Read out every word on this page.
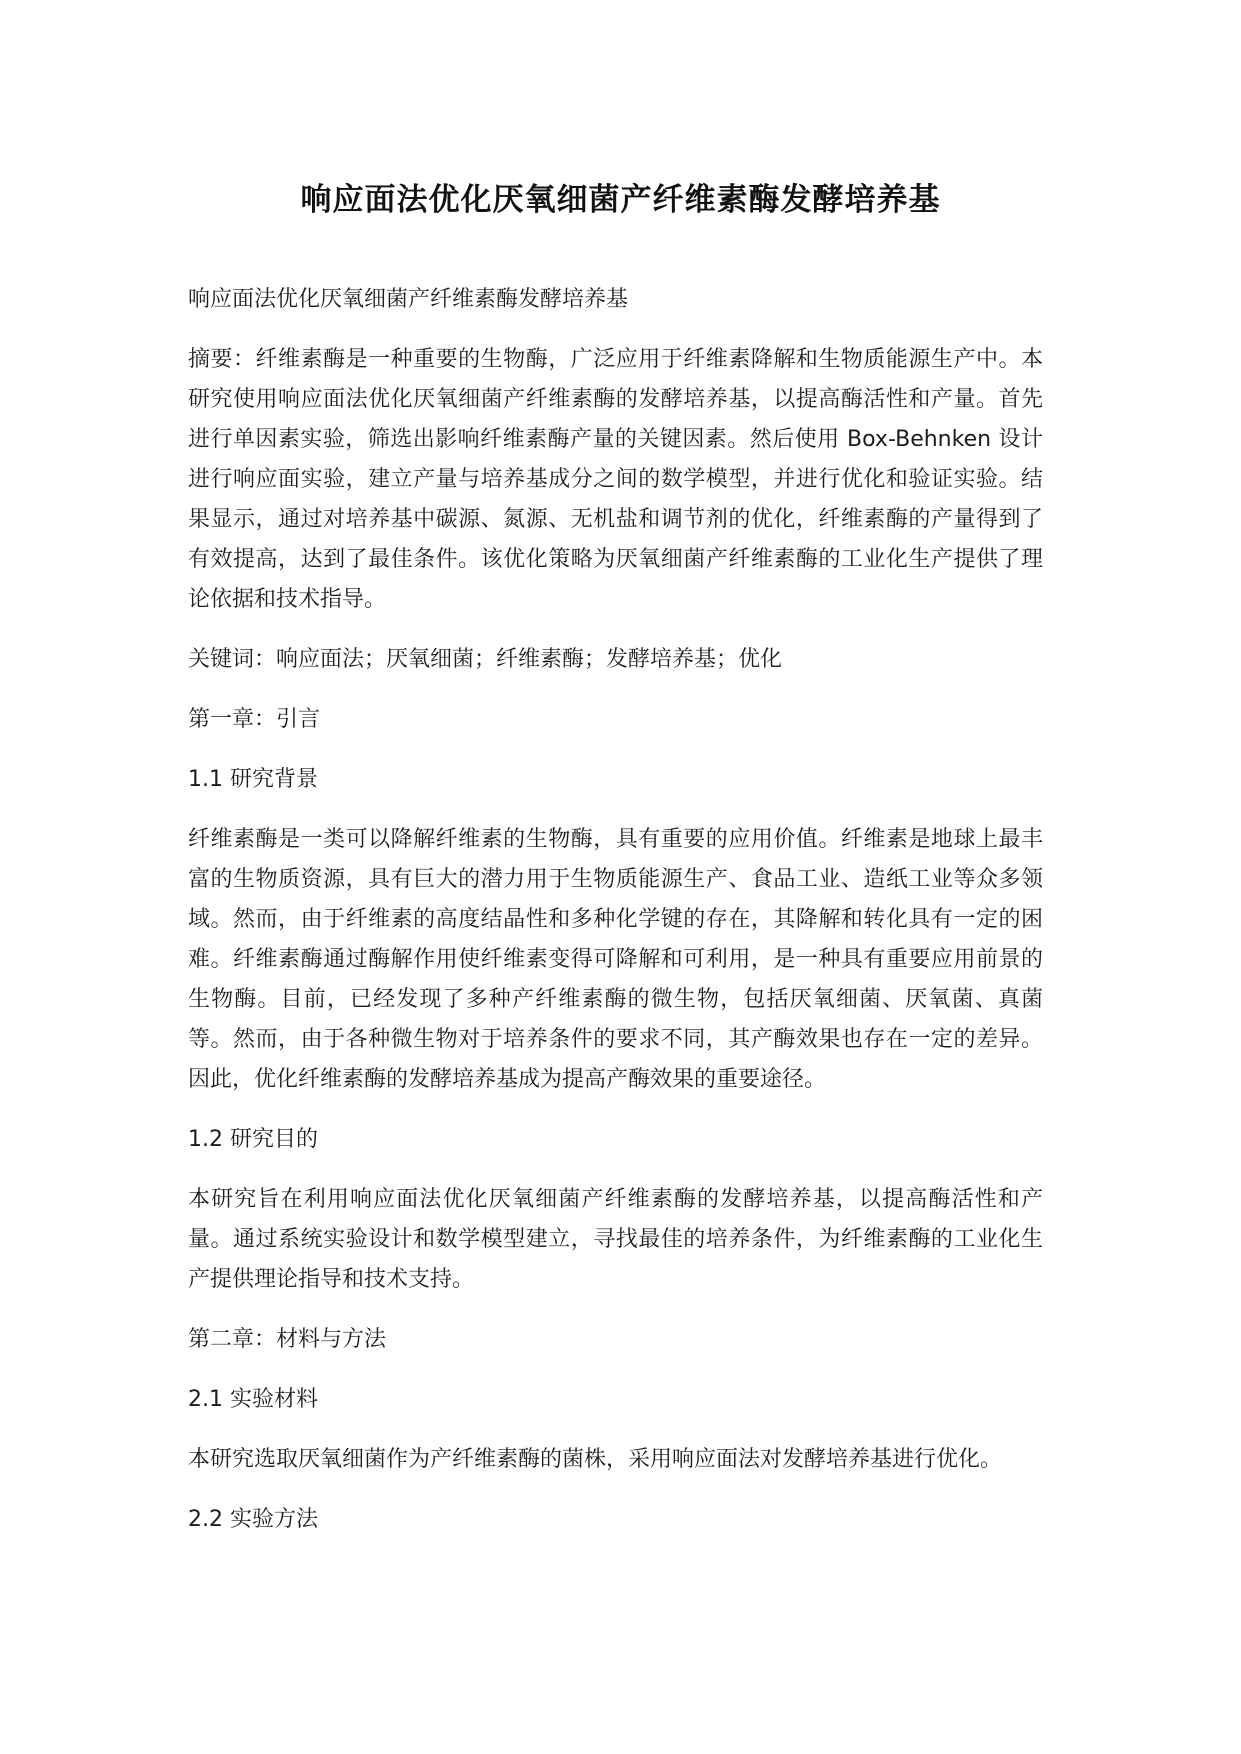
响应面法优化厌氧细菌产纤维素酶发酵培养基

响应面法优化厌氧细菌产纤维素酶发酵培养基

摘要：纤维素酶是一种重要的生物酶，广泛应用于纤维素降解和生物质能源生产中。本研究使用响应面法优化厌氧细菌产纤维素酶的发酵培养基，以提高酶活性和产量。首先进行单因素实验，筛选出影响纤维素酶产量的关键因素。然后使用 Box-Behnken 设计进行响应面实验，建立产量与培养基成分之间的数学模型，并进行优化和验证实验。结果显示，通过对培养基中碳源、氮源、无机盐和调节剂的优化，纤维素酶的产量得到了有效提高，达到了最佳条件。该优化策略为厌氧细菌产纤维素酶的工业化生产提供了理论依据和技术指导。

关键词：响应面法；厌氧细菌；纤维素酶；发酵培养基；优化

第一章：引言

1.1 研究背景

纤维素酶是一类可以降解纤维素的生物酶，具有重要的应用价值。纤维素是地球上最丰富的生物质资源，具有巨大的潜力用于生物质能源生产、食品工业、造纸工业等众多领域。然而，由于纤维素的高度结晶性和多种化学键的存在，其降解和转化具有一定的困难。纤维素酶通过酶解作用使纤维素变得可降解和可利用，是一种具有重要应用前景的生物酶。目前，已经发现了多种产纤维素酶的微生物，包括厌氧细菌、厌氧菌、真菌等。然而，由于各种微生物对于培养条件的要求不同，其产酶效果也存在一定的差异。因此，优化纤维素酶的发酵培养基成为提高产酶效果的重要途径。

1.2 研究目的

本研究旨在利用响应面法优化厌氧细菌产纤维素酶的发酵培养基，以提高酶活性和产量。通过系统实验设计和数学模型建立，寻找最佳的培养条件，为纤维素酶的工业化生产提供理论指导和技术支持。

第二章：材料与方法

2.1 实验材料

本研究选取厌氧细菌作为产纤维素酶的菌株，采用响应面法对发酵培养基进行优化。

2.2 实验方法
